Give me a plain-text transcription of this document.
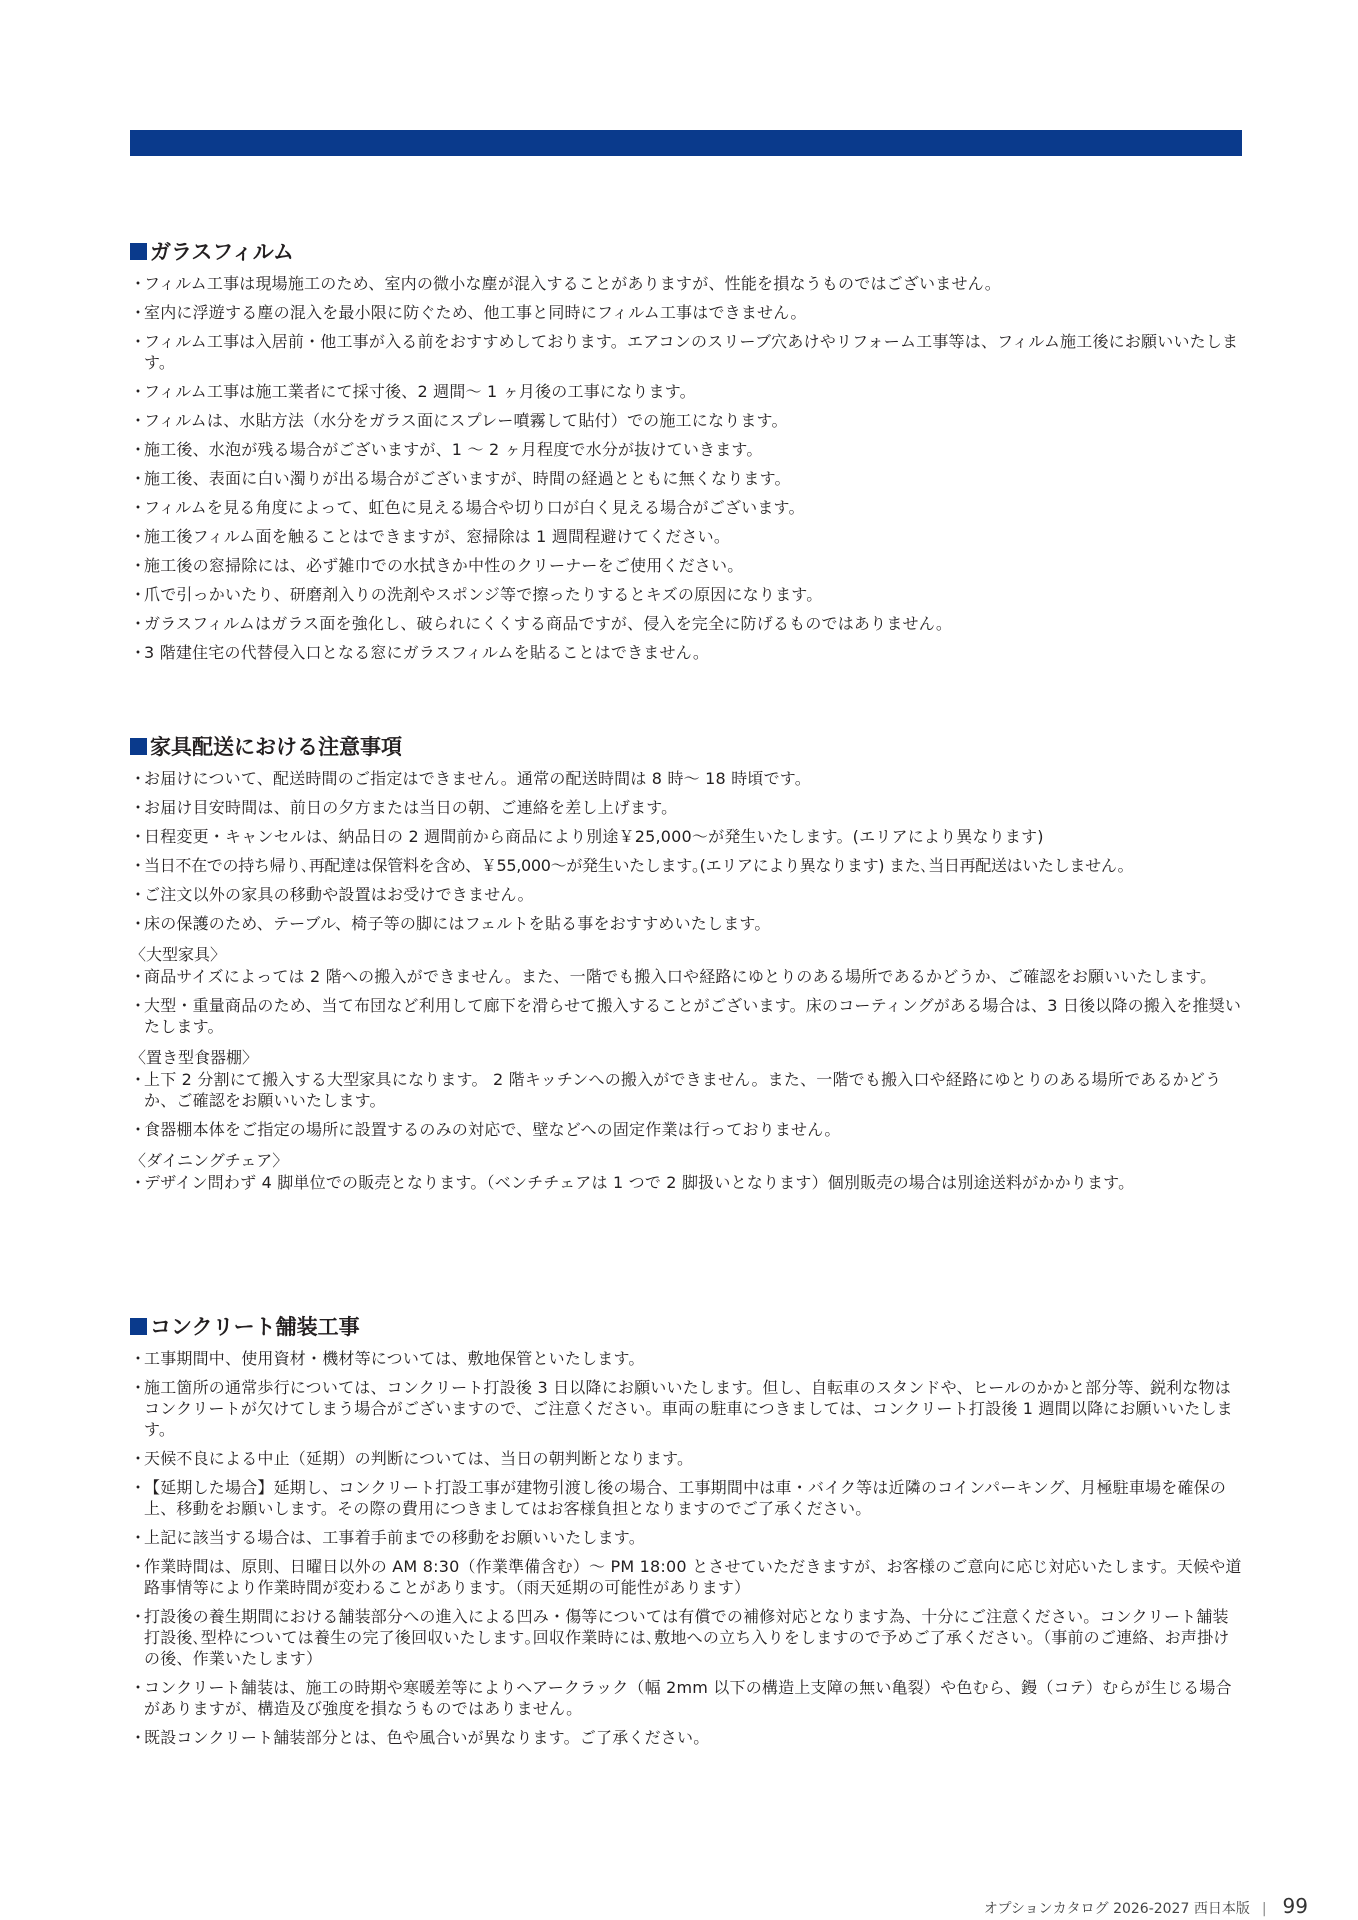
ガラスフィルム
・
フィルム工事は現場施工のため、室内の微小な塵が混入することがありますが、性能を損なうものではございません。
・
室内に浮遊する塵の混入を最小限に防ぐため、他工事と同時にフィルム工事はできません。
・
フィルム工事は入居前・他工事が入る前をおすすめしております。エアコンのスリーブ穴あけやリフォーム工事等は、フィルム施工後にお願いいたします。
・
フィルム工事は施工業者にて採寸後、2 週間〜 1 ヶ月後の工事になります。
・
フィルムは、水貼方法（水分をガラス面にスプレー噴霧して貼付）での施工になります。
・
施工後、水泡が残る場合がございますが、1 〜 2 ヶ月程度で水分が抜けていきます。
・
施工後、表面に白い濁りが出る場合がございますが、時間の経過とともに無くなります。
・
フィルムを見る角度によって、虹色に見える場合や切り口が白く見える場合がございます。
・
施工後フィルム面を触ることはできますが、窓掃除は 1 週間程避けてください。
・
施工後の窓掃除には、必ず雑巾での水拭きか中性のクリーナーをご使用ください。
・
爪で引っかいたり、研磨剤入りの洗剤やスポンジ等で擦ったりするとキズの原因になります。
・
ガラスフィルムはガラス面を強化し、破られにくくする商品ですが、侵入を完全に防げるものではありません。
・
3 階建住宅の代替侵入口となる窓にガラスフィルムを貼ることはできません。
家具配送における注意事項
・
お届けについて、配送時間のご指定はできません。通常の配送時間は 8 時〜 18 時頃です。
・
お届け目安時間は、前日の夕方または当日の朝、ご連絡を差し上げます。
・
日程変更・キャンセルは、納品日の 2 週間前から商品により別途￥25,000〜が発生いたします。(エリアにより異なります)
・
当日不在での持ち帰り､再配達は保管料を含め、￥55,000〜が発生いたします｡(エリアにより異なります) また､当日再配送はいたしません。
・
ご注文以外の家具の移動や設置はお受けできません。
・
床の保護のため、テーブル、椅子等の脚にはフェルトを貼る事をおすすめいたします。
〈大型家具〉
・
商品サイズによっては 2 階への搬入ができません。また、一階でも搬入口や経路にゆとりのある場所であるかどうか、ご確認をお願いいたします。
・
大型・重量商品のため、当て布団など利用して廊下を滑らせて搬入することがございます。床のコーティングがある場合は、3 日後以降の搬入を推奨いたします。
〈置き型食器棚〉
・
上下 2 分割にて搬入する大型家具になります。 2 階キッチンへの搬入ができません。また、一階でも搬入口や経路にゆとりのある場所であるかどうか、ご確認をお願いいたします。
・
食器棚本体をご指定の場所に設置するのみの対応で、壁などへの固定作業は行っておりません。
〈ダイニングチェア〉
・
デザイン問わず 4 脚単位での販売となります。（ベンチチェアは 1 つで 2 脚扱いとなります）個別販売の場合は別途送料がかかります。
コンクリート舗装工事
・
工事期間中、使用資材・機材等については、敷地保管といたします。
・
施工箇所の通常歩行については、コンクリート打設後 3 日以降にお願いいたします。但し、自転車のスタンドや、ヒールのかかと部分等、鋭利な物はコンクリートが欠けてしまう場合がございますので、ご注意ください。車両の駐車につきましては、コンクリート打設後 1 週間以降にお願いいたします。
・
天候不良による中止（延期）の判断については、当日の朝判断となります。
・
【延期した場合】延期し、コンクリート打設工事が建物引渡し後の場合、工事期間中は車・バイク等は近隣のコインパーキング、月極駐車場を確保の上、移動をお願いします。その際の費用につきましてはお客様負担となりますのでご了承ください。
・
上記に該当する場合は、工事着手前までの移動をお願いいたします。
・
作業時間は、原則、日曜日以外の AM 8:30（作業準備含む）〜 PM 18:00 とさせていただきますが、お客様のご意向に応じ対応いたします。天候や道路事情等により作業時間が変わることがあります。（雨天延期の可能性があります）
・
打設後の養生期間における舗装部分への進入による凹み・傷等については有償での補修対応となります為、十分にご注意ください。コンクリート舗装打設後､型枠については養生の完了後回収いたします｡回収作業時には､敷地への立ち入りをしますので予めご了承ください。（事前のご連絡、お声掛けの後、作業いたします）
・
コンクリート舗装は、施工の時期や寒暖差等によりヘアークラック（幅 2mm 以下の構造上支障の無い亀裂）や色むら、鏝（コテ）むらが生じる場合がありますが、構造及び強度を損なうものではありません。
・
既設コンクリート舗装部分とは、色や風合いが異なります。ご了承ください。
オプションカタログ 2026-2027 西日本版 | 99
